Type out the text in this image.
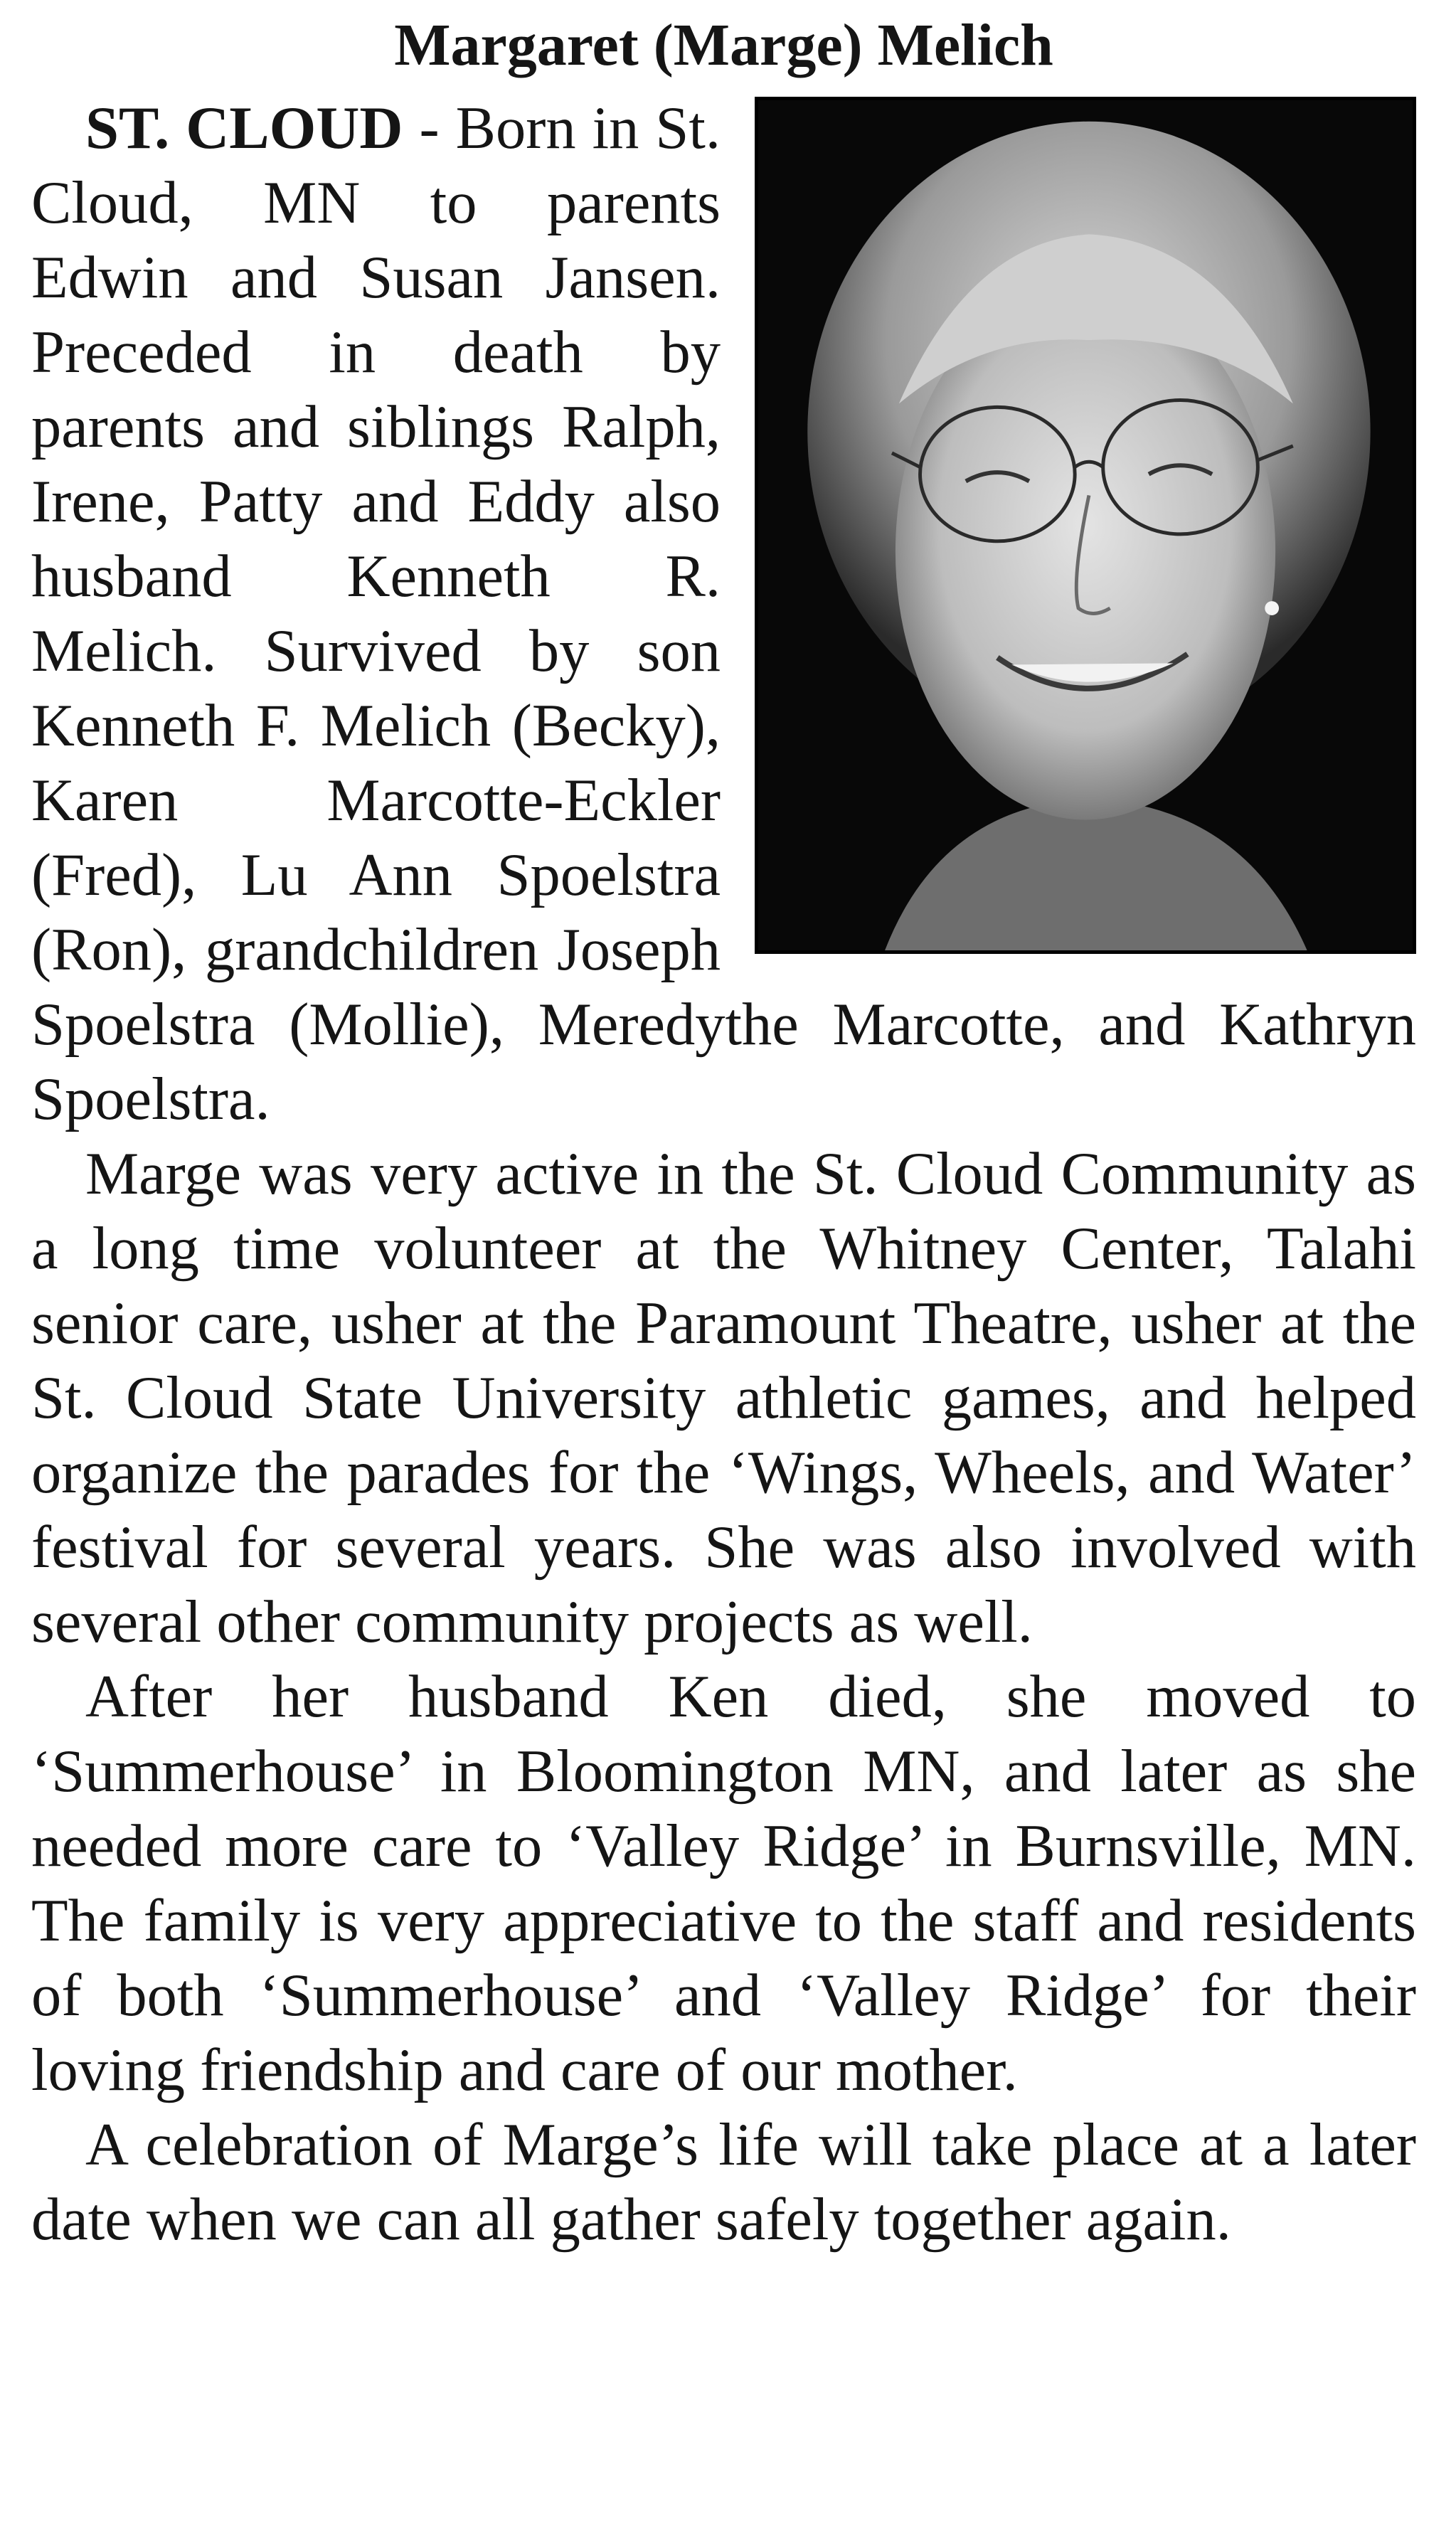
Margaret (Marge) Melich

ST. CLOUD - Born in St. Cloud, MN to parents Edwin and Susan Jansen. Preceded in death by parents and siblings Ralph, Irene, Patty and Eddy also husband Kenneth R. Melich. Survived by son Kenneth F. Melich (Becky), Karen Marcotte-Eckler (Fred), Lu Ann Spoelstra (Ron), grandchildren Joseph Spoelstra (Mollie), Meredythe Marcotte, and Kathryn Spoelstra.

Marge was very active in the St. Cloud Community as a long time volunteer at the Whitney Center, Talahi senior care, usher at the Paramount Theatre, usher at the St. Cloud State University athletic games, and helped organize the parades for the ‘Wings, Wheels, and Water’ festival for several years. She was also involved with several other community projects as well.

After her husband Ken died, she moved to ‘Summerhouse’ in Bloomington MN, and later as she needed more care to ‘Valley Ridge’ in Burnsville, MN. The family is very appreciative to the staff and residents of both ‘Summerhouse’ and ‘Valley Ridge’ for their loving friendship and care of our mother.

A celebration of Marge’s life will take place at a later date when we can all gather safely together again.
